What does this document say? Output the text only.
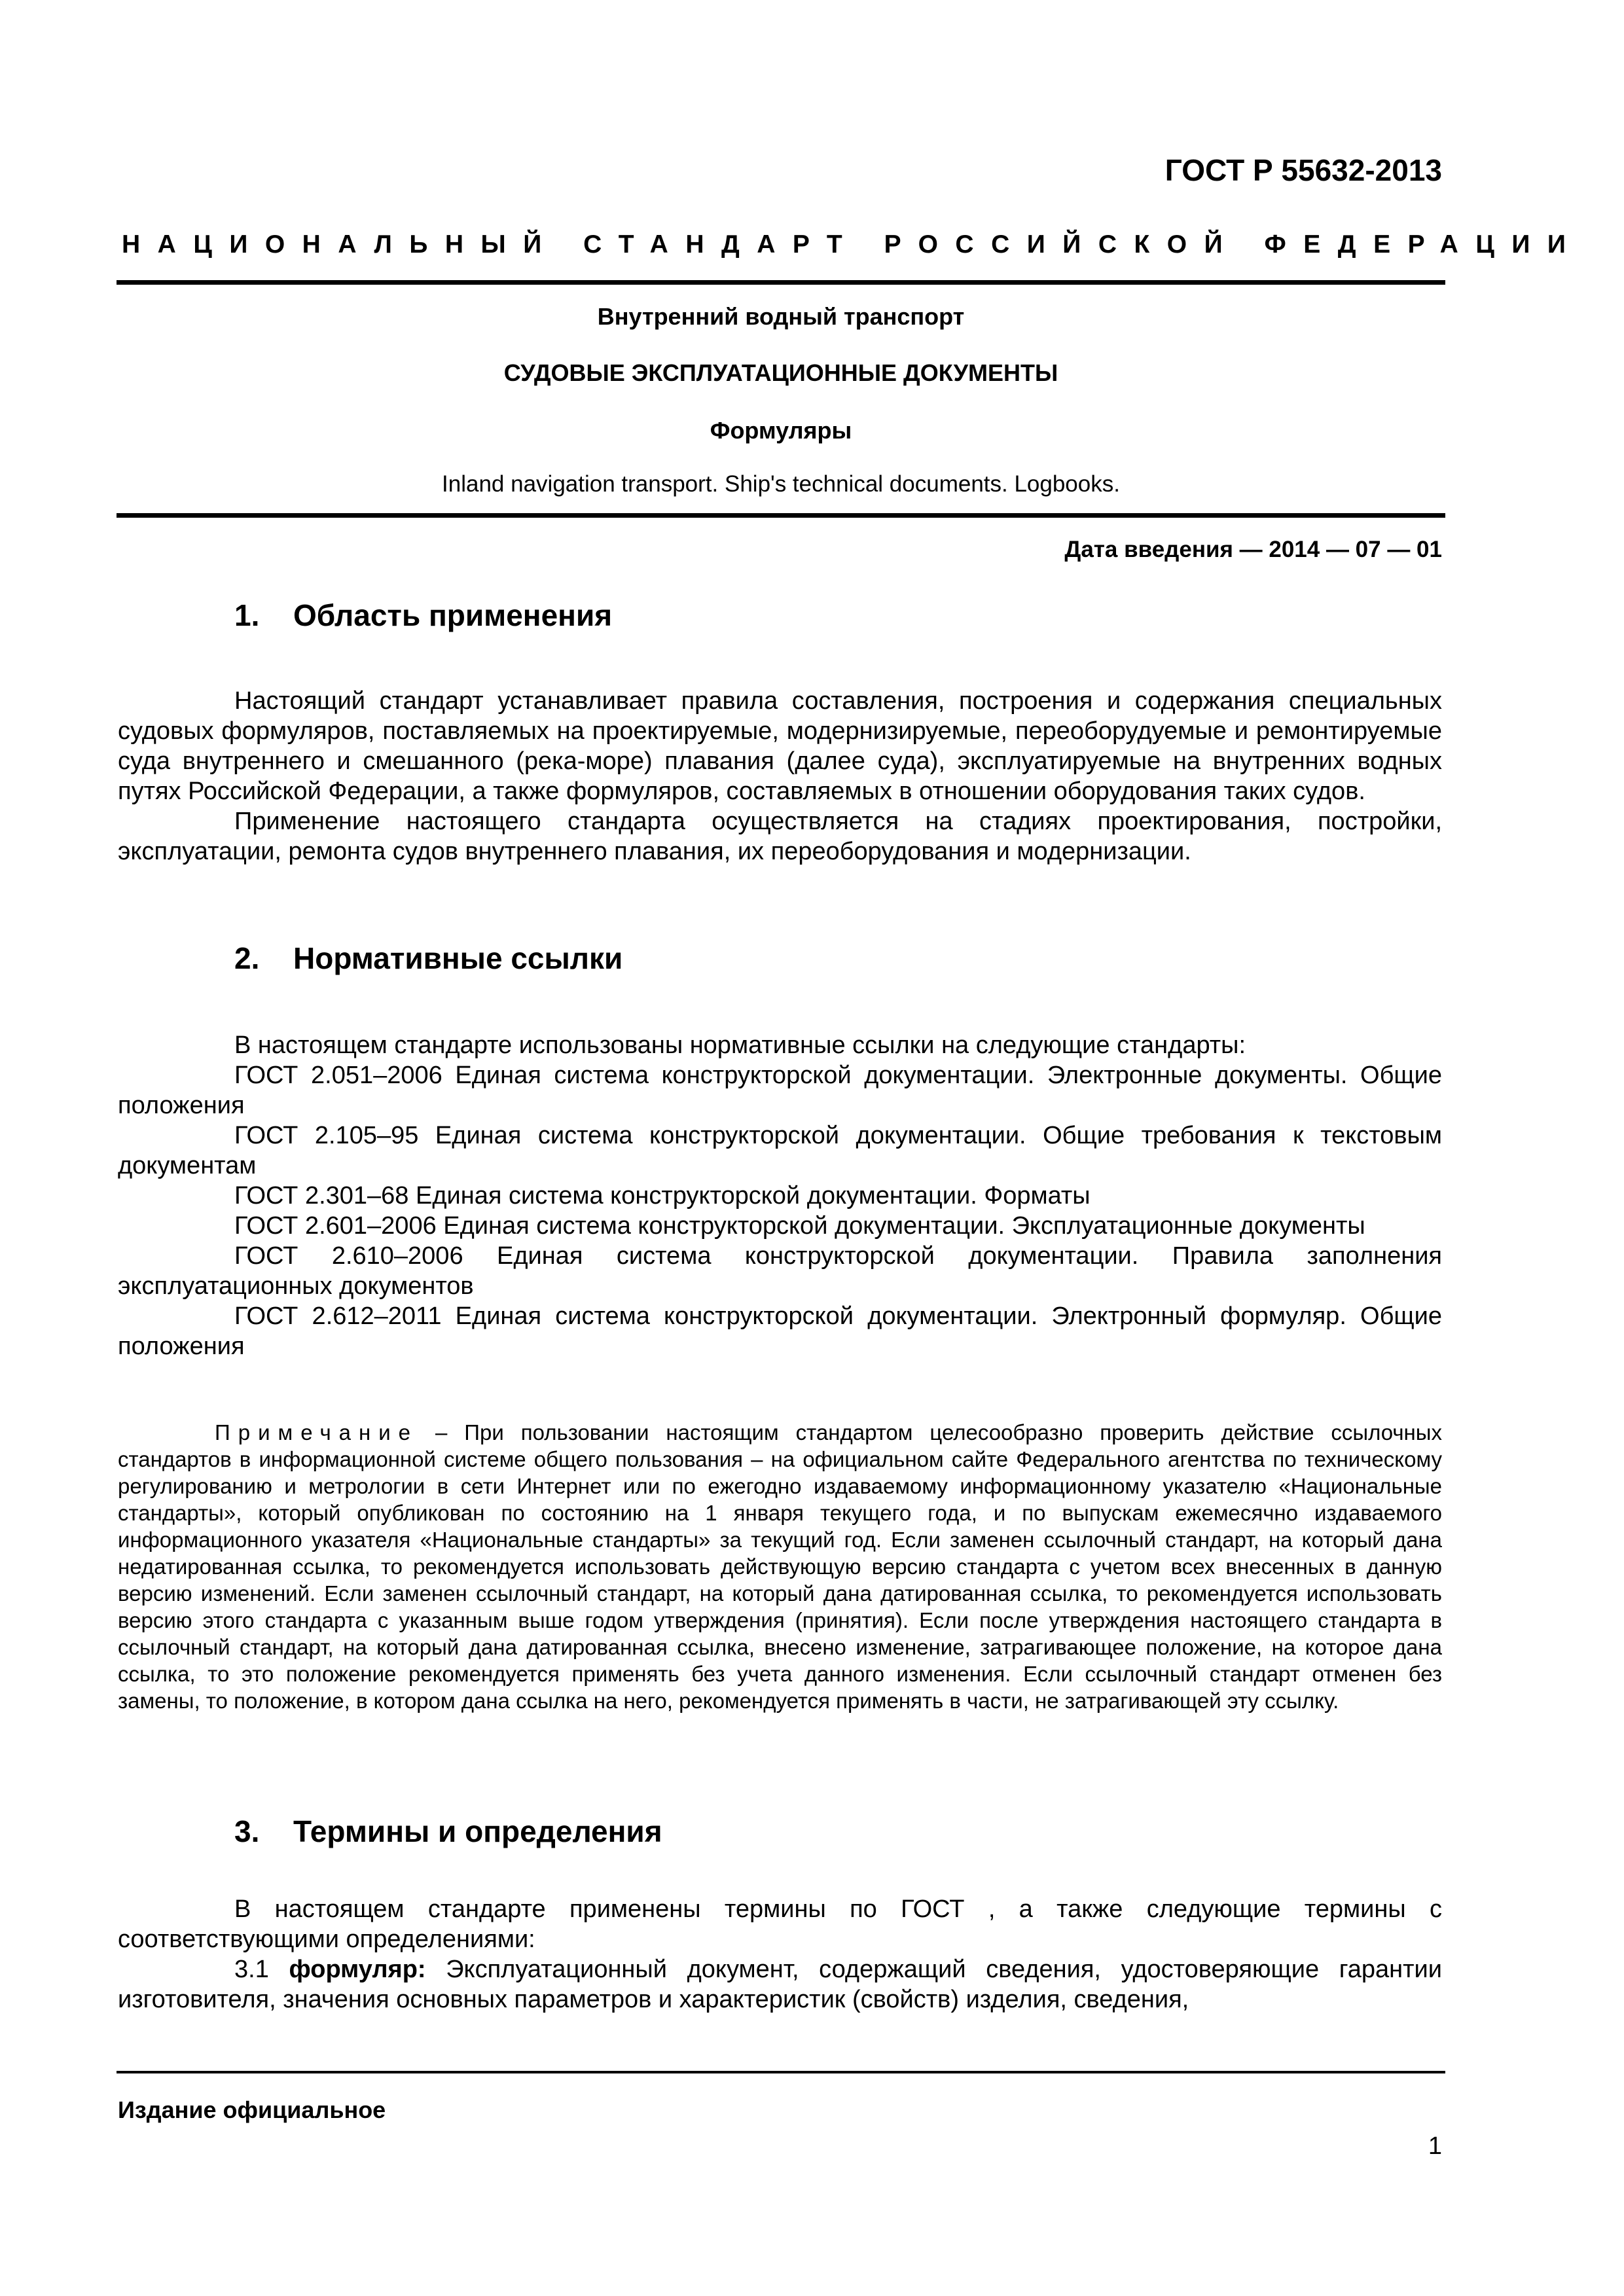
ГОСТ Р 55632-2013
НАЦИОНАЛЬНЫЙ СТАНДАРТ РОССИЙСКОЙ ФЕДЕРАЦИИ
Внутренний водный транспорт
СУДОВЫЕ ЭКСПЛУАТАЦИОННЫЕ ДОКУМЕНТЫ
Формуляры
Inland navigation transport. Ship's technical documents. Logbooks.
Дата введения — 2014 — 07 — 01
1. Область применения

Настоящий стандарт устанавливает правила составления, построения и содержания специальных судовых формуляров, поставляемых на проектируемые, модернизируемые, переоборудуемые и ремонтируемые суда внутреннего и смешанного (река-море) плавания (далее суда), эксплуатируемые на внутренних водных путях Российской Федерации, а также формуляров, составляемых в отношении оборудования таких судов.

Применение настоящего стандарта осуществляется на стадиях проектирования, постройки, эксплуатации, ремонта судов внутреннего плавания, их переоборудования и модернизации.

2. Нормативные ссылки

В настоящем стандарте использованы нормативные ссылки на следующие стандарты:

ГОСТ 2.051–2006 Единая система конструкторской документации. Электронные документы. Общие положения

ГОСТ 2.105–95 Единая система конструкторской документации. Общие требования к текстовым документам

ГОСТ 2.301–68 Единая система конструкторской документации. Форматы

ГОСТ 2.601–2006 Единая система конструкторской документации. Эксплуатационные документы

ГОСТ 2.610–2006 Единая система конструкторской документации. Правила заполнения эксплуатационных документов

ГОСТ 2.612–2011 Единая система конструкторской документации. Электронный формуляр. Общие положения

Примечание – При пользовании настоящим стандартом целесообразно проверить действие ссылочных стандартов в информационной системе общего пользования – на официальном сайте Федерального агентства по техническому регулированию и метрологии в сети Интернет или по ежегодно издаваемому информационному указателю «Национальные стандарты», который опубликован по состоянию на 1 января текущего года, и по выпускам ежемесячно издаваемого информационного указателя «Национальные стандарты» за текущий год. Если заменен ссылочный стандарт, на который дана недатированная ссылка, то рекомендуется использовать действующую версию стандарта с учетом всех внесенных в данную версию изменений. Если заменен ссылочный стандарт, на который дана датированная ссылка, то рекомендуется использовать версию этого стандарта с указанным выше годом утверждения (принятия). Если после утверждения настоящего стандарта в ссылочный стандарт, на который дана датированная ссылка, внесено изменение, затрагивающее положение, на которое дана ссылка, то это положение рекомендуется применять без учета данного изменения. Если ссылочный стандарт отменен без замены, то положение, в котором дана ссылка на него, рекомендуется применять в части, не затрагивающей эту ссылку.

3. Термины и определения

В настоящем стандарте применены термины по ГОСТ , а также следующие термины с соответствующими определениями:

3.1 формуляр: Эксплуатационный документ, содержащий сведения, удостоверяющие гарантии изготовителя, значения основных параметров и характеристик (свойств) изделия, сведения,

Издание официальное
1
